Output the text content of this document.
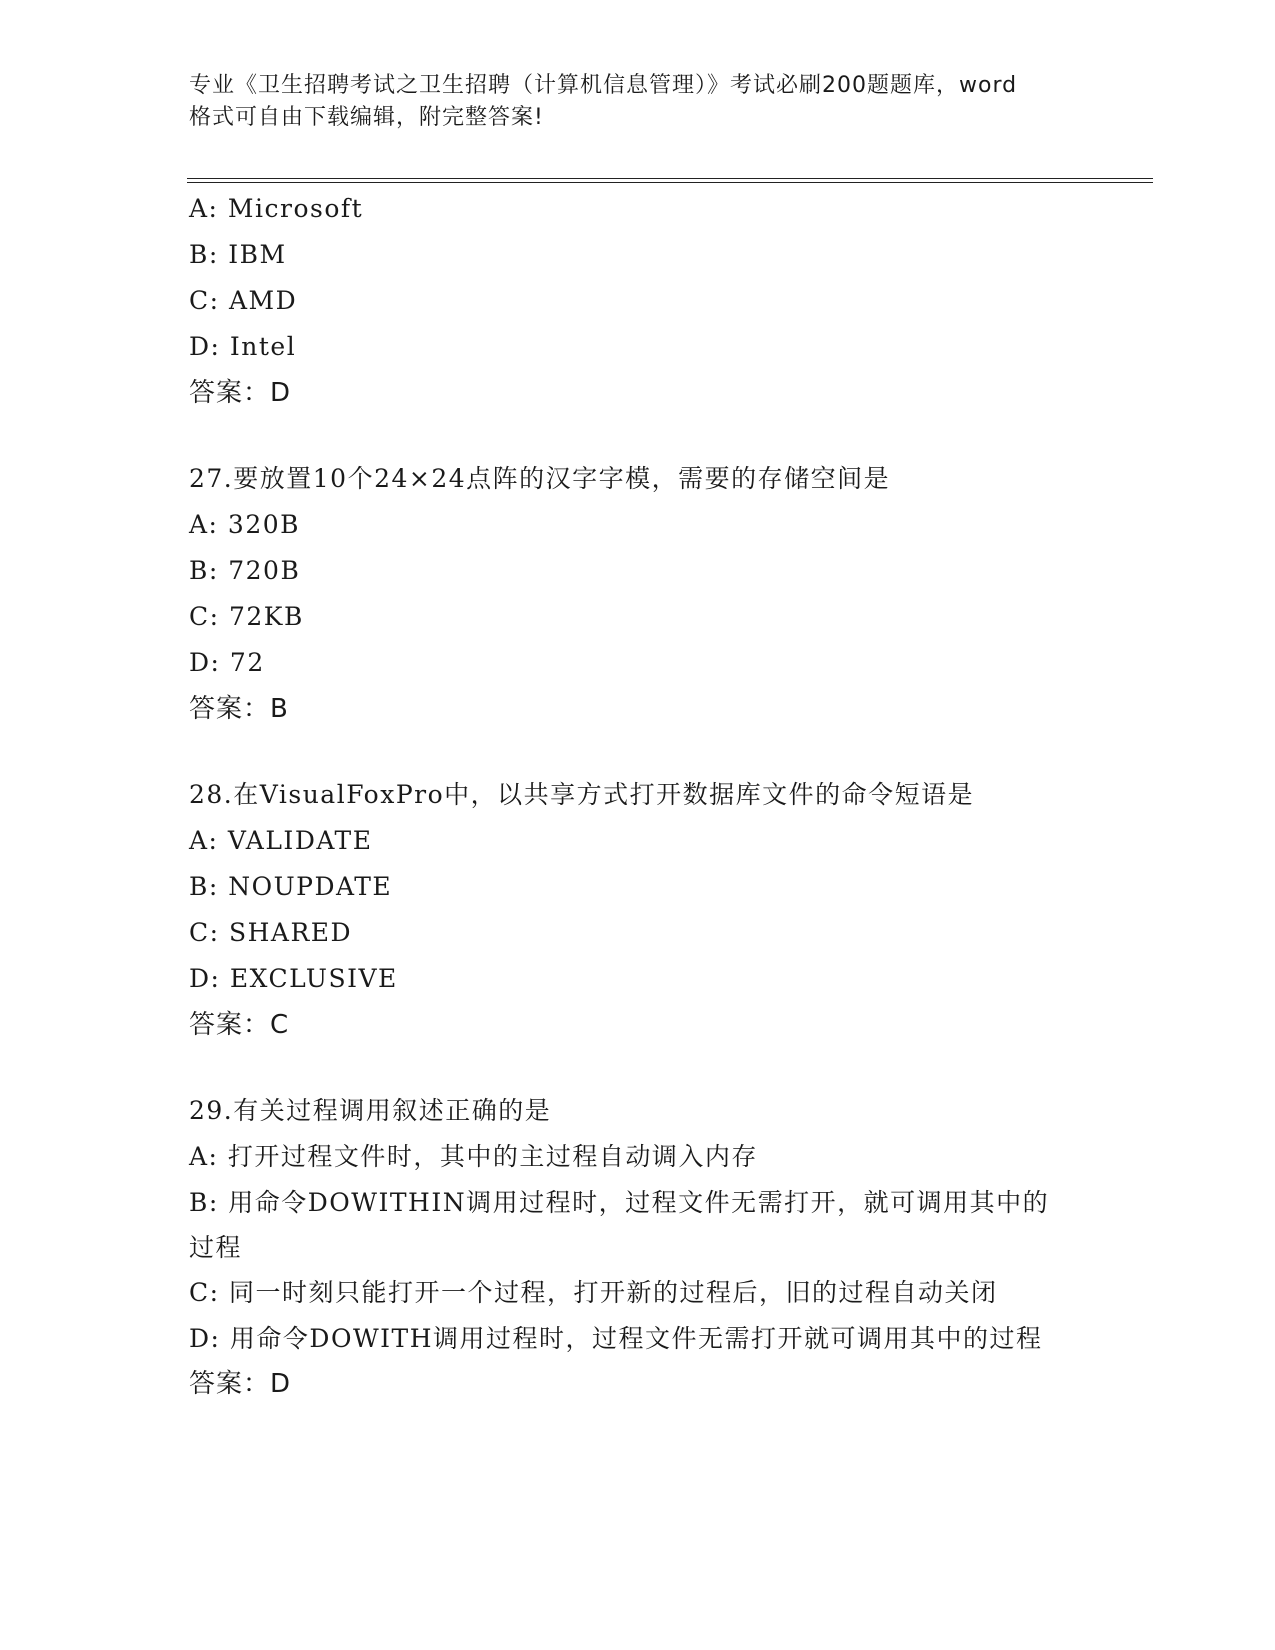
专业《卫生招聘考试之卫生招聘（计算机信息管理）》考试必刷200题题库，word
格式可自由下载编辑，附完整答案!
A: Microsoft
B: IBM
C: AMD
D: Intel
答案：D
27.要放置10个24×24点阵的汉字字模，需要的存储空间是
A: 320B
B: 720B
C: 72KB
D: 72
答案：B
28.在VisualFoxPro中，以共享方式打开数据库文件的命令短语是
A: VALIDATE
B: NOUPDATE
C: SHARED
D: EXCLUSIVE
答案：C
29.有关过程调用叙述正确的是
A: 打开过程文件时，其中的主过程自动调入内存
B: 用命令DOWITHIN调用过程时，过程文件无需打开，就可调用其中的过程
C: 同一时刻只能打开一个过程，打开新的过程后，旧的过程自动关闭
D: 用命令DOWITH调用过程时，过程文件无需打开就可调用其中的过程
答案：D
